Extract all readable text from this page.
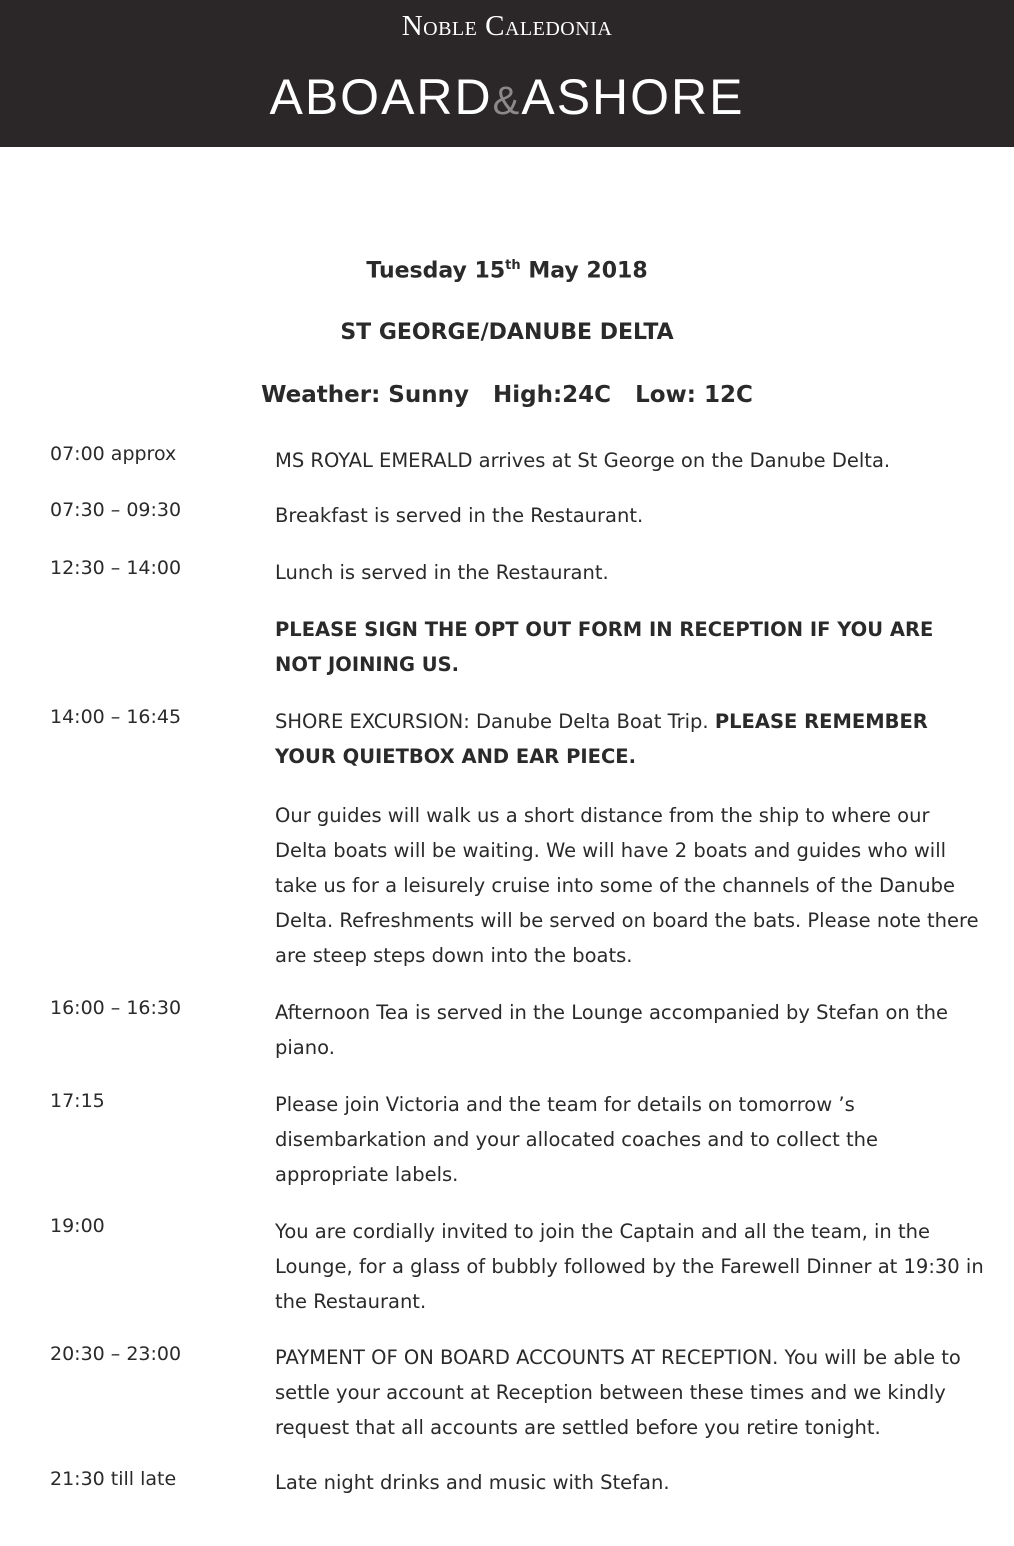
Noble Caledonia
ABOARD&ASHORE
Tuesday 15th May 2018
ST GEORGE/DANUBE DELTA
Weather: Sunny High:24C Low: 12C
07:00 approx	MS ROYAL EMERALD arrives at St George on the Danube Delta.
07:30 – 09:30	Breakfast is served in the Restaurant.
12:30 – 14:00	Lunch is served in the Restaurant.
PLEASE SIGN THE OPT OUT FORM IN RECEPTION IF YOU ARE NOT JOINING US.
14:00 – 16:45	SHORE EXCURSION: Danube Delta Boat Trip. PLEASE REMEMBER YOUR QUIETBOX AND EAR PIECE.
Our guides will walk us a short distance from the ship to where our Delta boats will be waiting. We will have 2 boats and guides who will take us for a leisurely cruise into some of the channels of the Danube Delta. Refreshments will be served on board the bats. Please note there are steep steps down into the boats.
16:00 – 16:30	Afternoon Tea is served in the Lounge accompanied by Stefan on the piano.
17:15	Please join Victoria and the team for details on tomorrow ’s disembarkation and your allocated coaches and to collect the appropriate labels.
19:00	You are cordially invited to join the Captain and all the team, in the Lounge, for a glass of bubbly followed by the Farewell Dinner at 19:30 in the Restaurant.
20:30 – 23:00	PAYMENT OF ON BOARD ACCOUNTS AT RECEPTION. You will be able to settle your account at Reception between these times and we kindly request that all accounts are settled before you retire tonight.
21:30 till late	Late night drinks and music with Stefan.
